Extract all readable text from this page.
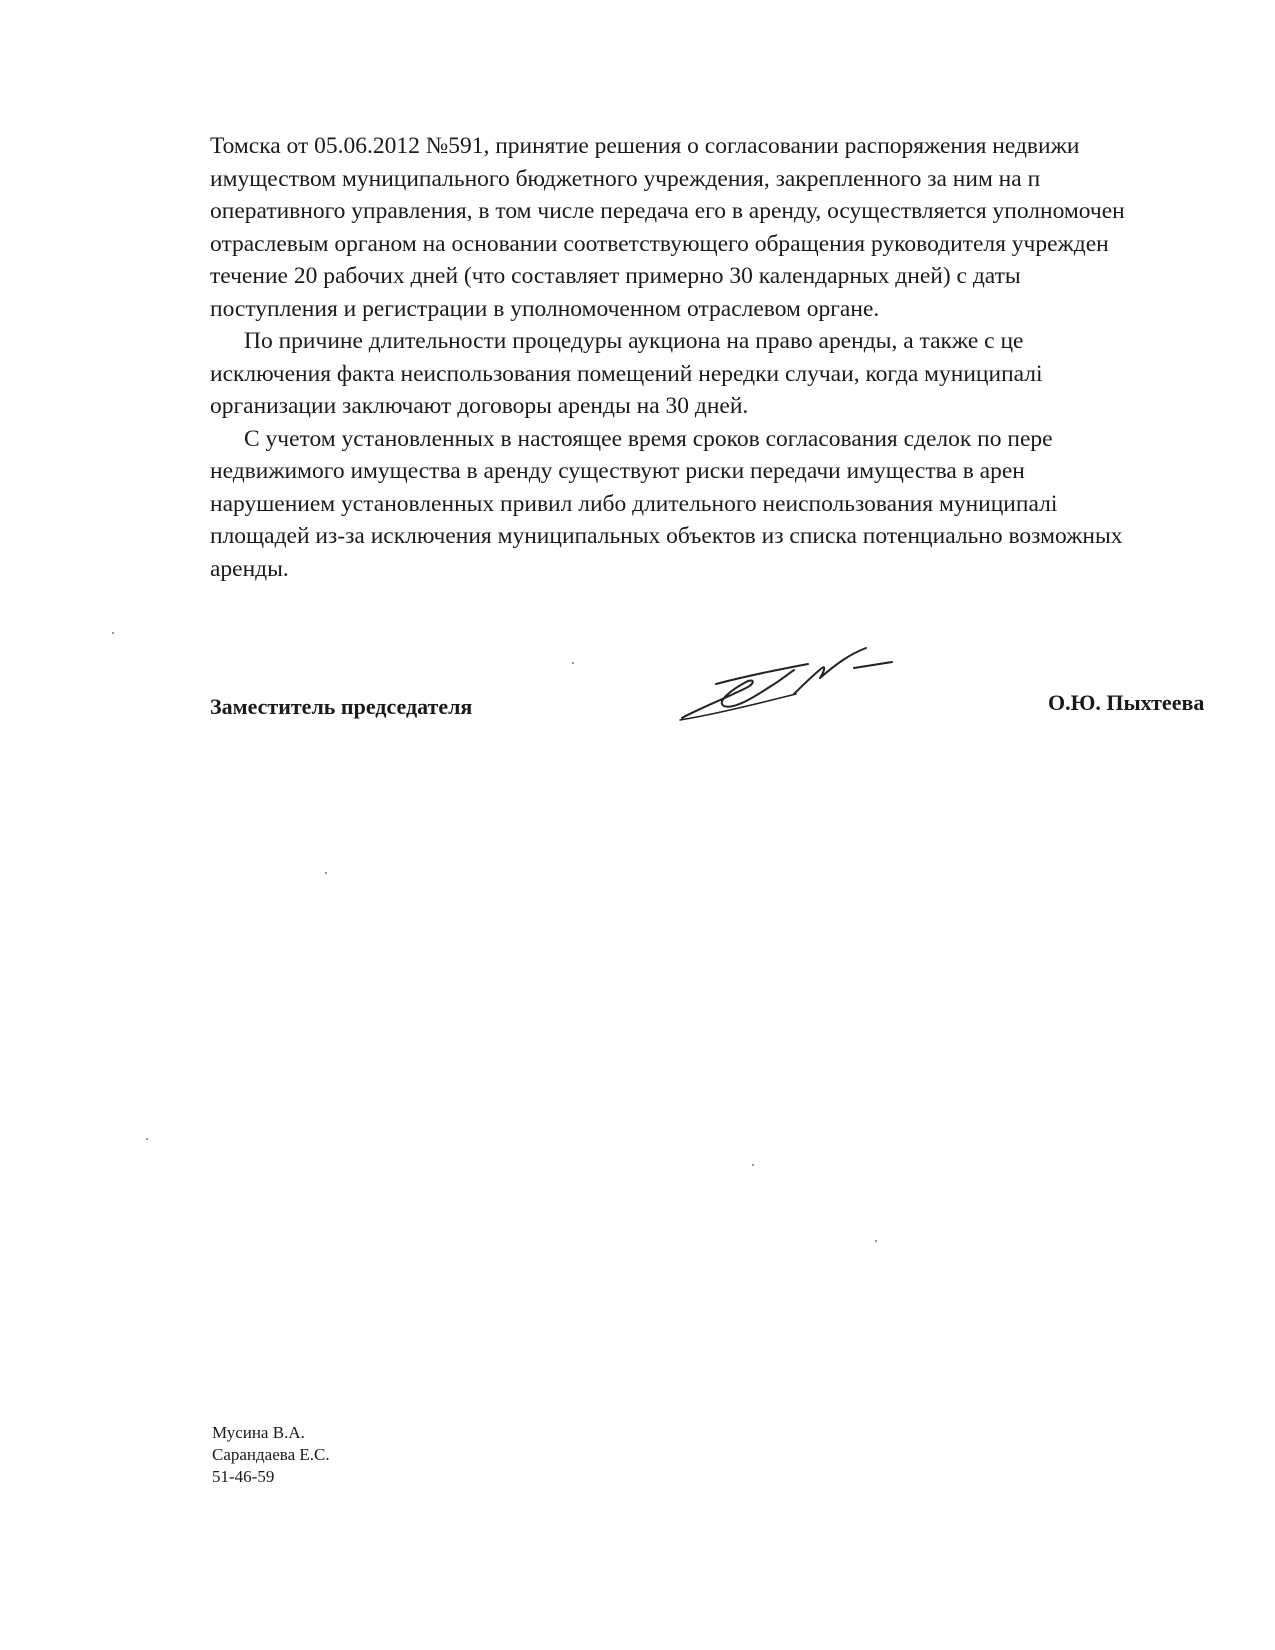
Томска от 05.06.2012 №591, принятие решения о согласовании распоряжения недвижи
имуществом муниципального бюджетного учреждения, закрепленного за ним на п
оперативного управления, в том числе передача его в аренду, осуществляется уполномочен
отраслевым органом на основании соответствующего обращения руководителя учрежден
течение 20 рабочих дней (что составляет примерно 30 календарных дней) с даты
поступления и регистрации в уполномоченном отраслевом органе.

По причине длительности процедуры аукциона на право аренды, а также с це
исключения факта неиспользования помещений нередки случаи, когда муниципалі
организации заключают договоры аренды на 30 дней.

С учетом установленных в настоящее время сроков согласования сделок по пере
недвижимого имущества в аренду существуют риски передачи имущества в арен
нарушением установленных привил либо длительного неиспользования муниципалі
площадей из-за исключения муниципальных объектов из списка потенциально возможных
аренды.

Заместитель председателя	О.Ю. Пыхтеева
Мусина В.А.
Сарандаева Е.С.
51-46-59
